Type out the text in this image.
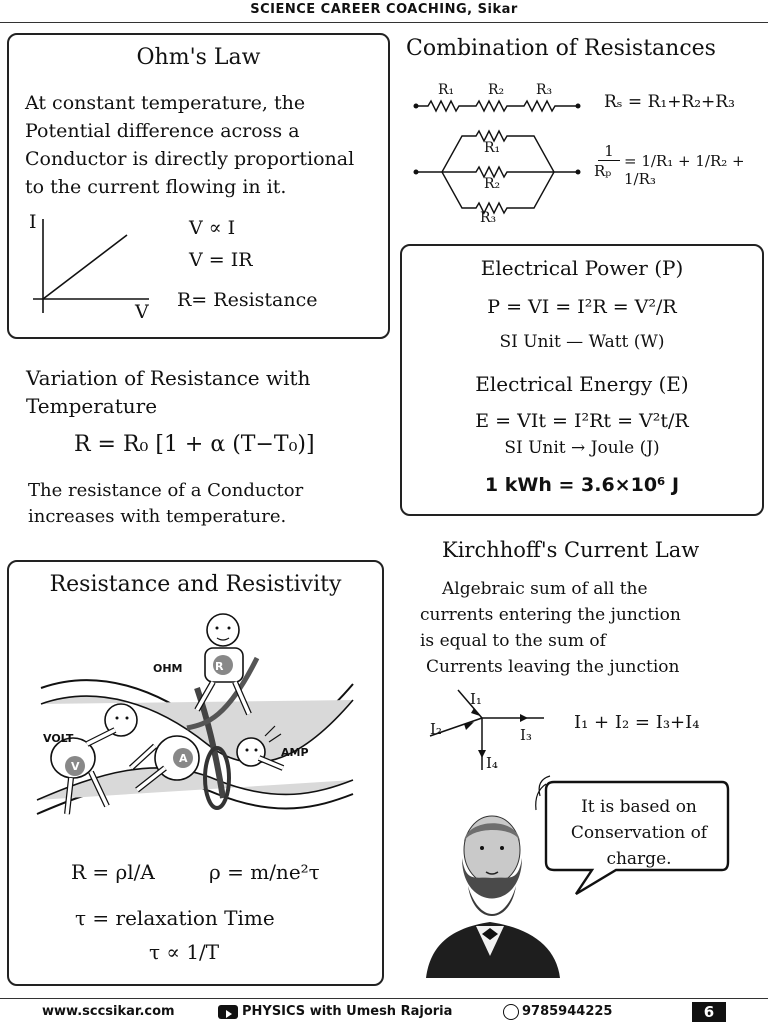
SCIENCE CAREER COACHING, Sikar
Ohm's Law
At constant temperature, the
Potential difference across a
Conductor is directly proportional
to the current flowing in it.
I
V
V ∝ I
V = IR
R= Resistance
Combination of Resistances
R₁ R₂ R₃
Rₛ = R₁+R₂+R₃
R₁
R₂
R₃
1
Rₚ
= 1/R₁ + 1/R₂ + 1/R₃
Electrical Power (P)
P = VI = I²R = V²/R
SI Unit — Watt (W)
Electrical Energy (E)
E = VIt = I²Rt = V²t/R
SI Unit → Joule (J)
1 kWh = 3.6×10⁶ J
Variation of Resistance with
Temperature
R = R₀ [1 + α (T−T₀)]
The resistance of a Conductor
increases with temperature.
Resistance and Resistivity
OHM
VOLT
AMP
R
V
A
R = ρl/A	ρ = m/ne²τ
τ = relaxation Time
τ ∝ 1/T
Kirchhoff's Current Law
Algebraic sum of all the
currents entering the junction
is equal to the sum of
Currents leaving the junction
I₁
I₂	I₃
I₄
I₁ + I₂ = I₃+I₄
It is based on
Conservation of
charge.
www.sccsikar.com	PHYSICS with Umesh Rajoria	9785944225	6
